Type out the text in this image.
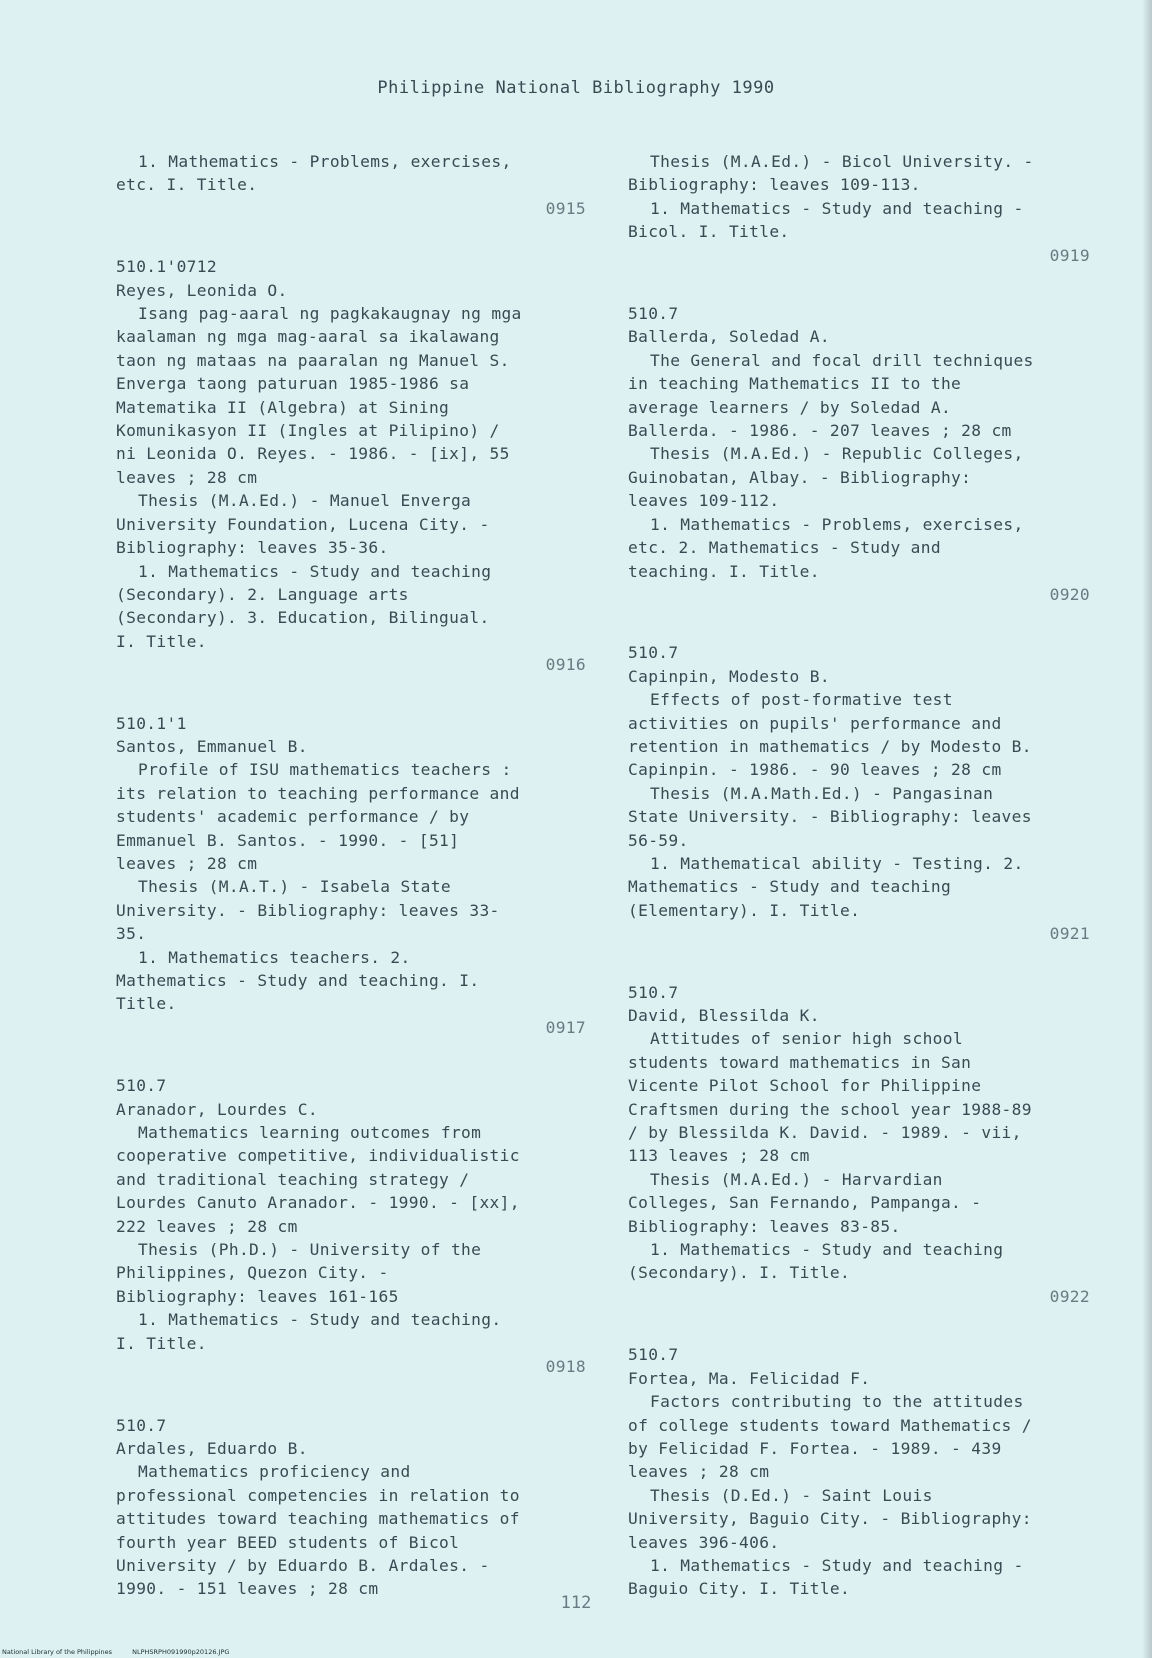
Philippine National Bibliography 1990
1. Mathematics - Problems, exercises,
etc. I. Title.
0915
510.1'0712
Reyes, Leonida O.
Isang pag-aaral ng pagkakaugnay ng mga
kaalaman ng mga mag-aaral sa ikalawang
taon ng mataas na paaralan ng Manuel S.
Enverga taong paturuan 1985-1986 sa
Matematika II (Algebra) at Sining
Komunikasyon II (Ingles at Pilipino) /
ni Leonida O. Reyes. - 1986. - [ix], 55
leaves ; 28 cm
Thesis (M.A.Ed.) - Manuel Enverga
University Foundation, Lucena City. -
Bibliography: leaves 35-36.
1. Mathematics - Study and teaching
(Secondary). 2. Language arts
(Secondary). 3. Education, Bilingual.
I. Title.
0916
510.1'1
Santos, Emmanuel B.
Profile of ISU mathematics teachers :
its relation to teaching performance and
students' academic performance / by
Emmanuel B. Santos. - 1990. - [51]
leaves ; 28 cm
Thesis (M.A.T.) - Isabela State
University. - Bibliography: leaves 33-
35.
1. Mathematics teachers. 2.
Mathematics - Study and teaching. I.
Title.
0917
510.7
Aranador, Lourdes C.
Mathematics learning outcomes from
cooperative competitive, individualistic
and traditional teaching strategy /
Lourdes Canuto Aranador. - 1990. - [xx],
222 leaves ; 28 cm
Thesis (Ph.D.) - University of the
Philippines, Quezon City. -
Bibliography: leaves 161-165
1. Mathematics - Study and teaching.
I. Title.
0918
510.7
Ardales, Eduardo B.
Mathematics proficiency and
professional competencies in relation to
attitudes toward teaching mathematics of
fourth year BEED students of Bicol
University / by Eduardo B. Ardales. -
1990. - 151 leaves ; 28 cm
Thesis (M.A.Ed.) - Bicol University. -
Bibliography: leaves 109-113.
1. Mathematics - Study and teaching -
Bicol. I. Title.
0919
510.7
Ballerda, Soledad A.
The General and focal drill techniques
in teaching Mathematics II to the
average learners / by Soledad A.
Ballerda. - 1986. - 207 leaves ; 28 cm
Thesis (M.A.Ed.) - Republic Colleges,
Guinobatan, Albay. - Bibliography:
leaves 109-112.
1. Mathematics - Problems, exercises,
etc. 2. Mathematics - Study and
teaching. I. Title.
0920
510.7
Capinpin, Modesto B.
Effects of post-formative test
activities on pupils' performance and
retention in mathematics / by Modesto B.
Capinpin. - 1986. - 90 leaves ; 28 cm
Thesis (M.A.Math.Ed.) - Pangasinan
State University. - Bibliography: leaves
56-59.
1. Mathematical ability - Testing. 2.
Mathematics - Study and teaching
(Elementary). I. Title.
0921
510.7
David, Blessilda K.
Attitudes of senior high school
students toward mathematics in San
Vicente Pilot School for Philippine
Craftsmen during the school year 1988-89
/ by Blessilda K. David. - 1989. - vii,
113 leaves ; 28 cm
Thesis (M.A.Ed.) - Harvardian
Colleges, San Fernando, Pampanga. -
Bibliography: leaves 83-85.
1. Mathematics - Study and teaching
(Secondary). I. Title.
0922
510.7
Fortea, Ma. Felicidad F.
Factors contributing to the attitudes
of college students toward Mathematics /
by Felicidad F. Fortea. - 1989. - 439
leaves ; 28 cm
Thesis (D.Ed.) - Saint Louis
University, Baguio City. - Bibliography:
leaves 396-406.
1. Mathematics - Study and teaching -
Baguio City. I. Title.
112
National Library of the Philippines	NLPHSRPH091990p20126.JPG
